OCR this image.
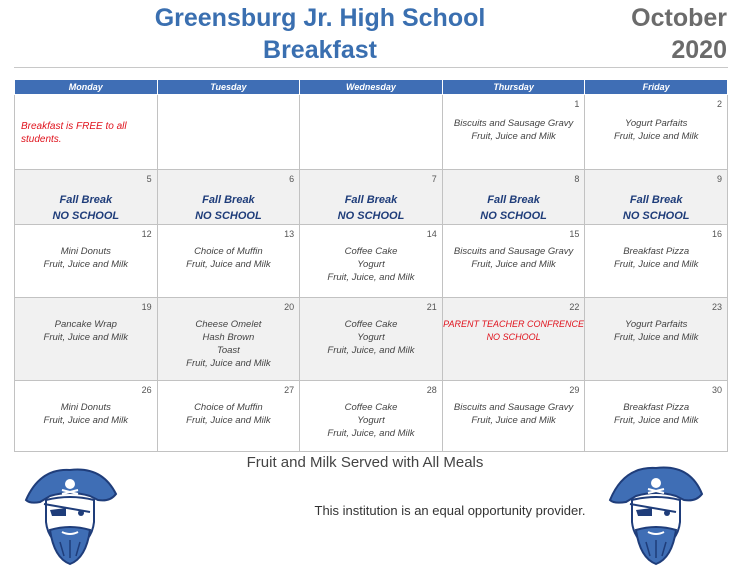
Greensburg Jr. High School
Breakfast
October
2020
Monday	Tuesday	Wednesday	Thursday	Friday

Breakfast is FREE to all students.			1
Biscuits and Sausage Gravy
Fruit, Juice and Milk	2
Yogurt Parfaits
Fruit, Juice and Milk

5
Fall Break
NO SCHOOL	6
Fall Break
NO SCHOOL	7
Fall Break
NO SCHOOL	8
Fall Break
NO SCHOOL	9
Fall Break
NO SCHOOL

12
Mini Donuts
Fruit, Juice and Milk	13
Choice of Muffin
Fruit, Juice and Milk	14
Coffee Cake
Yogurt
Fruit, Juice, and Milk	15
Biscuits and Sausage Gravy
Fruit, Juice and Milk	16
Breakfast Pizza
Fruit, Juice and Milk

19
Pancake Wrap
Fruit, Juice and Milk	20
Cheese Omelet
Hash Brown
Toast
Fruit, Juice and Milk	21
Coffee Cake
Yogurt
Fruit, Juice, and Milk	22
PARENT TEACHER CONFRENCE
NO SCHOOL	23
Yogurt Parfaits
Fruit, Juice and Milk

26
Mini Donuts
Fruit, Juice and Milk	27
Choice of Muffin
Fruit, Juice and Milk	28
Coffee Cake
Yogurt
Fruit, Juice, and Milk	29
Biscuits and Sausage Gravy
Fruit, Juice and Milk	30
Breakfast Pizza
Fruit, Juice and Milk
Fruit and Milk Served with All Meals
This institution is an equal opportunity provider.
